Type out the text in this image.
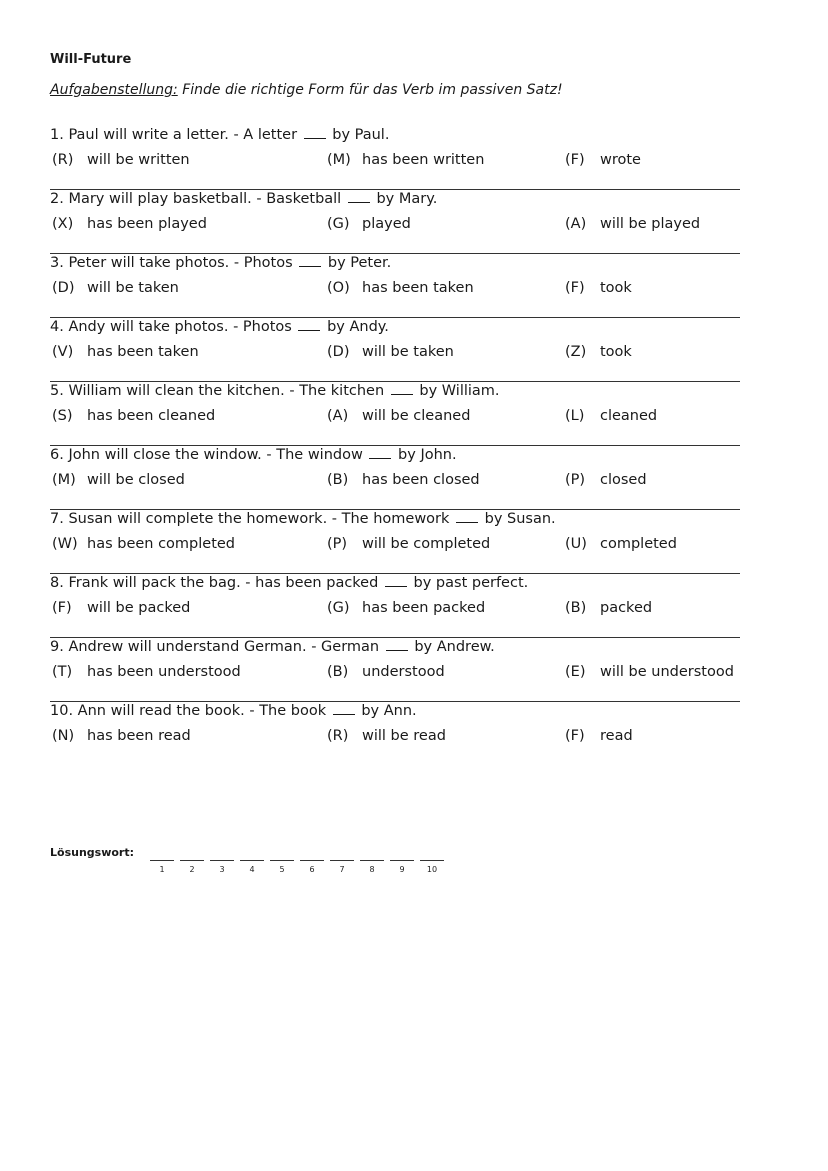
Will-Future
Aufgabenstellung: Finde die richtige Form für das Verb im passiven Satz!
1. Paul will write a letter. - A letter by Paul.
(R) will be written	(M) has been written	(F) wrote
2. Mary will play basketball. - Basketball by Mary.
(X) has been played	(G) played	(A) will be played
3. Peter will take photos. - Photos by Peter.
(D) will be taken	(O) has been taken	(F) took
4. Andy will take photos. - Photos by Andy.
(V) has been taken	(D) will be taken	(Z) took
5. William will clean the kitchen. - The kitchen by William.
(S) has been cleaned	(A) will be cleaned	(L) cleaned
6. John will close the window. - The window by John.
(M) will be closed	(B) has been closed	(P) closed
7. Susan will complete the homework. - The homework by Susan.
(W) has been completed	(P) will be completed	(U) completed
8. Frank will pack the bag. - has been packed by past perfect.
(F) will be packed	(G) has been packed	(B) packed
9. Andrew will understand German. - German by Andrew.
(T) has been understood	(B) understood	(E) will be understood
10. Ann will read the book. - The book by Ann.
(N) has been read	(R) will be read	(F) read
Lösungswort:
1	2	3	4	5	6	7	8	9	10
